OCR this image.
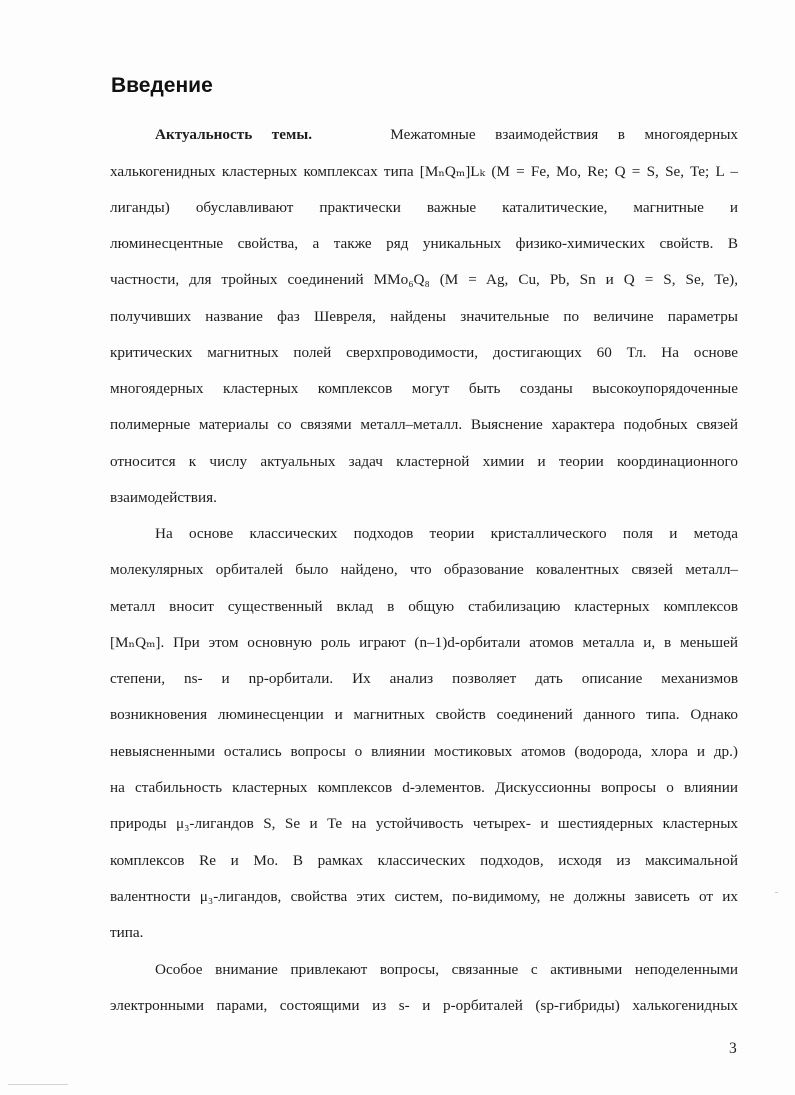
Введение
Актуальность темы.	Межатомные взаимодействия в многоядерных
халькогенидных кластерных комплексах типа [MₙQₘ]Lₖ (M = Fe, Mo, Re; Q = S, Se, Te; L –
лиганды) обуславливают практически важные каталитические, магнитные и
люминесцентные свойства, а также ряд уникальных физико-химических свойств. В
частности, для тройных соединений MMo₆Q₈ (M = Ag, Cu, Pb, Sn и Q = S, Se, Te),
получивших название фаз Шевреля, найдены значительные по величине параметры
критических магнитных полей сверхпроводимости, достигающих 60 Тл. На основе
многоядерных кластерных комплексов могут быть созданы высокоупорядоченные
полимерные материалы со связями металл–металл. Выяснение характера подобных связей
относится к числу актуальных задач кластерной химии и теории координационного
взаимодействия.
На основе классических подходов теории кристаллического поля и метода
молекулярных орбиталей было найдено, что образование ковалентных связей металл–
металл вносит существенный вклад в общую стабилизацию кластерных комплексов
[MₙQₘ]. При этом основную роль играют (n–1)d-орбитали атомов металла и, в меньшей
степени, ns- и np-орбитали. Их анализ позволяет дать описание механизмов
возникновения люминесценции и магнитных свойств соединений данного типа. Однако
невыясненными остались вопросы о влиянии мостиковых атомов (водорода, хлора и др.)
на стабильность кластерных комплексов d-элементов. Дискуссионны вопросы о влиянии
природы μ₃-лигандов S, Se и Te на устойчивость четырех- и шестиядерных кластерных
комплексов Re и Mo. В рамках классических подходов, исходя из максимальной
валентности μ₃-лигандов, свойства этих систем, по-видимому, не должны зависеть от их
типа.
Особое внимание привлекают вопросы, связанные с активными неподеленными
электронными парами, состоящими из s- и p-орбиталей (sp-гибриды) халькогенидных
3
